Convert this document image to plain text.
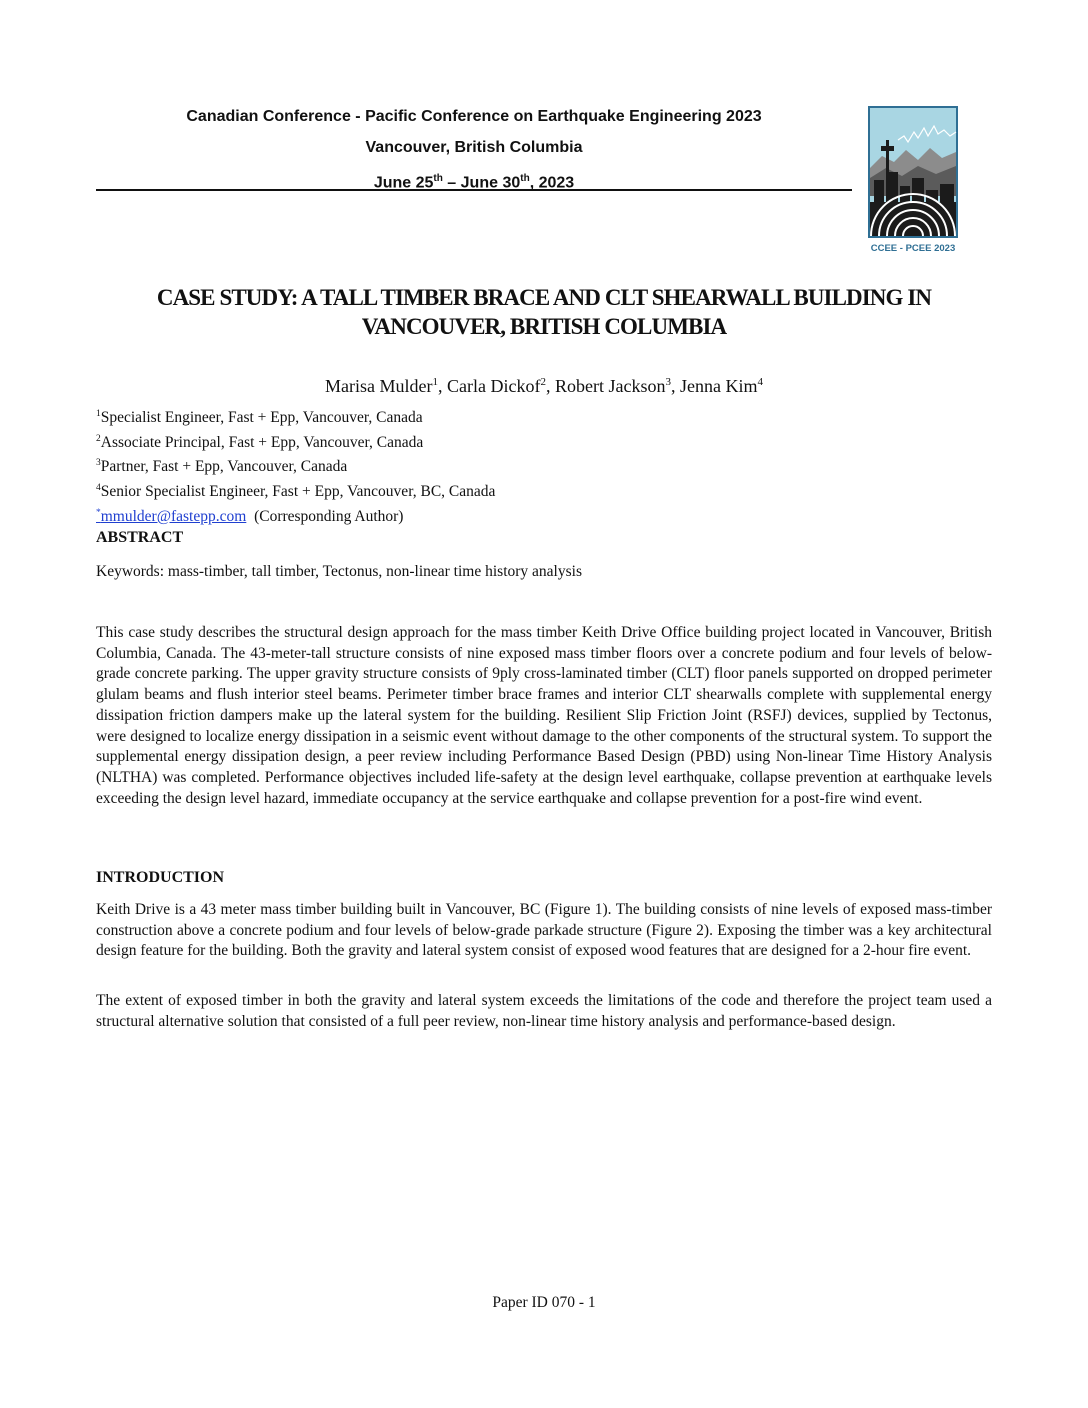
Canadian Conference - Pacific Conference on Earthquake Engineering 2023
Vancouver, British Columbia
June 25th – June 30th, 2023
CCEE - PCEE 2023
CASE STUDY: A TALL TIMBER BRACE AND CLT SHEARWALL BUILDING IN VANCOUVER, BRITISH COLUMBIA
Marisa Mulder$^1$, Carla Dickof$^2$, Robert Jackson$^3$, Jenna Kim$^4$
$^1$Specialist Engineer, Fast + Epp, Vancouver, Canada
$^2$Associate Principal, Fast + Epp, Vancouver, Canada
$^3$Partner, Fast + Epp, Vancouver, Canada
$^4$Senior Specialist Engineer, Fast + Epp, Vancouver, BC, Canada
*mmulder@fastepp.com (Corresponding Author)
ABSTRACT

Keywords: mass-timber, tall timber, Tectonus, non-linear time history analysis

This case study describes the structural design approach for the mass timber Keith Drive Office building project located in Vancouver, British Columbia, Canada. The 43-meter-tall structure consists of nine exposed mass timber floors over a concrete podium and four levels of below-grade concrete parking. The upper gravity structure consists of 9ply cross-laminated timber (CLT) floor panels supported on dropped perimeter glulam beams and flush interior steel beams. Perimeter timber brace frames and interior CLT shearwalls complete with supplemental energy dissipation friction dampers make up the lateral system for the building. Resilient Slip Friction Joint (RSFJ) devices, supplied by Tectonus, were designed to localize energy dissipation in a seismic event without damage to the other components of the structural system. To support the supplemental energy dissipation design, a peer review including Performance Based Design (PBD) using Non-linear Time History Analysis (NLTHA) was completed. Performance objectives included life-safety at the design level earthquake, collapse prevention at earthquake levels exceeding the design level hazard, immediate occupancy at the service earthquake and collapse prevention for a post-fire wind event.

INTRODUCTION

Keith Drive is a 43 meter mass timber building built in Vancouver, BC (Figure 1). The building consists of nine levels of exposed mass-timber construction above a concrete podium and four levels of below-grade parkade structure (Figure 2). Exposing the timber was a key architectural design feature for the building. Both the gravity and lateral system consist of exposed wood features that are designed for a 2-hour fire event.

The extent of exposed timber in both the gravity and lateral system exceeds the limitations of the code and therefore the project team used a structural alternative solution that consisted of a full peer review, non-linear time history analysis and performance-based design.

Paper ID 070 - 1
